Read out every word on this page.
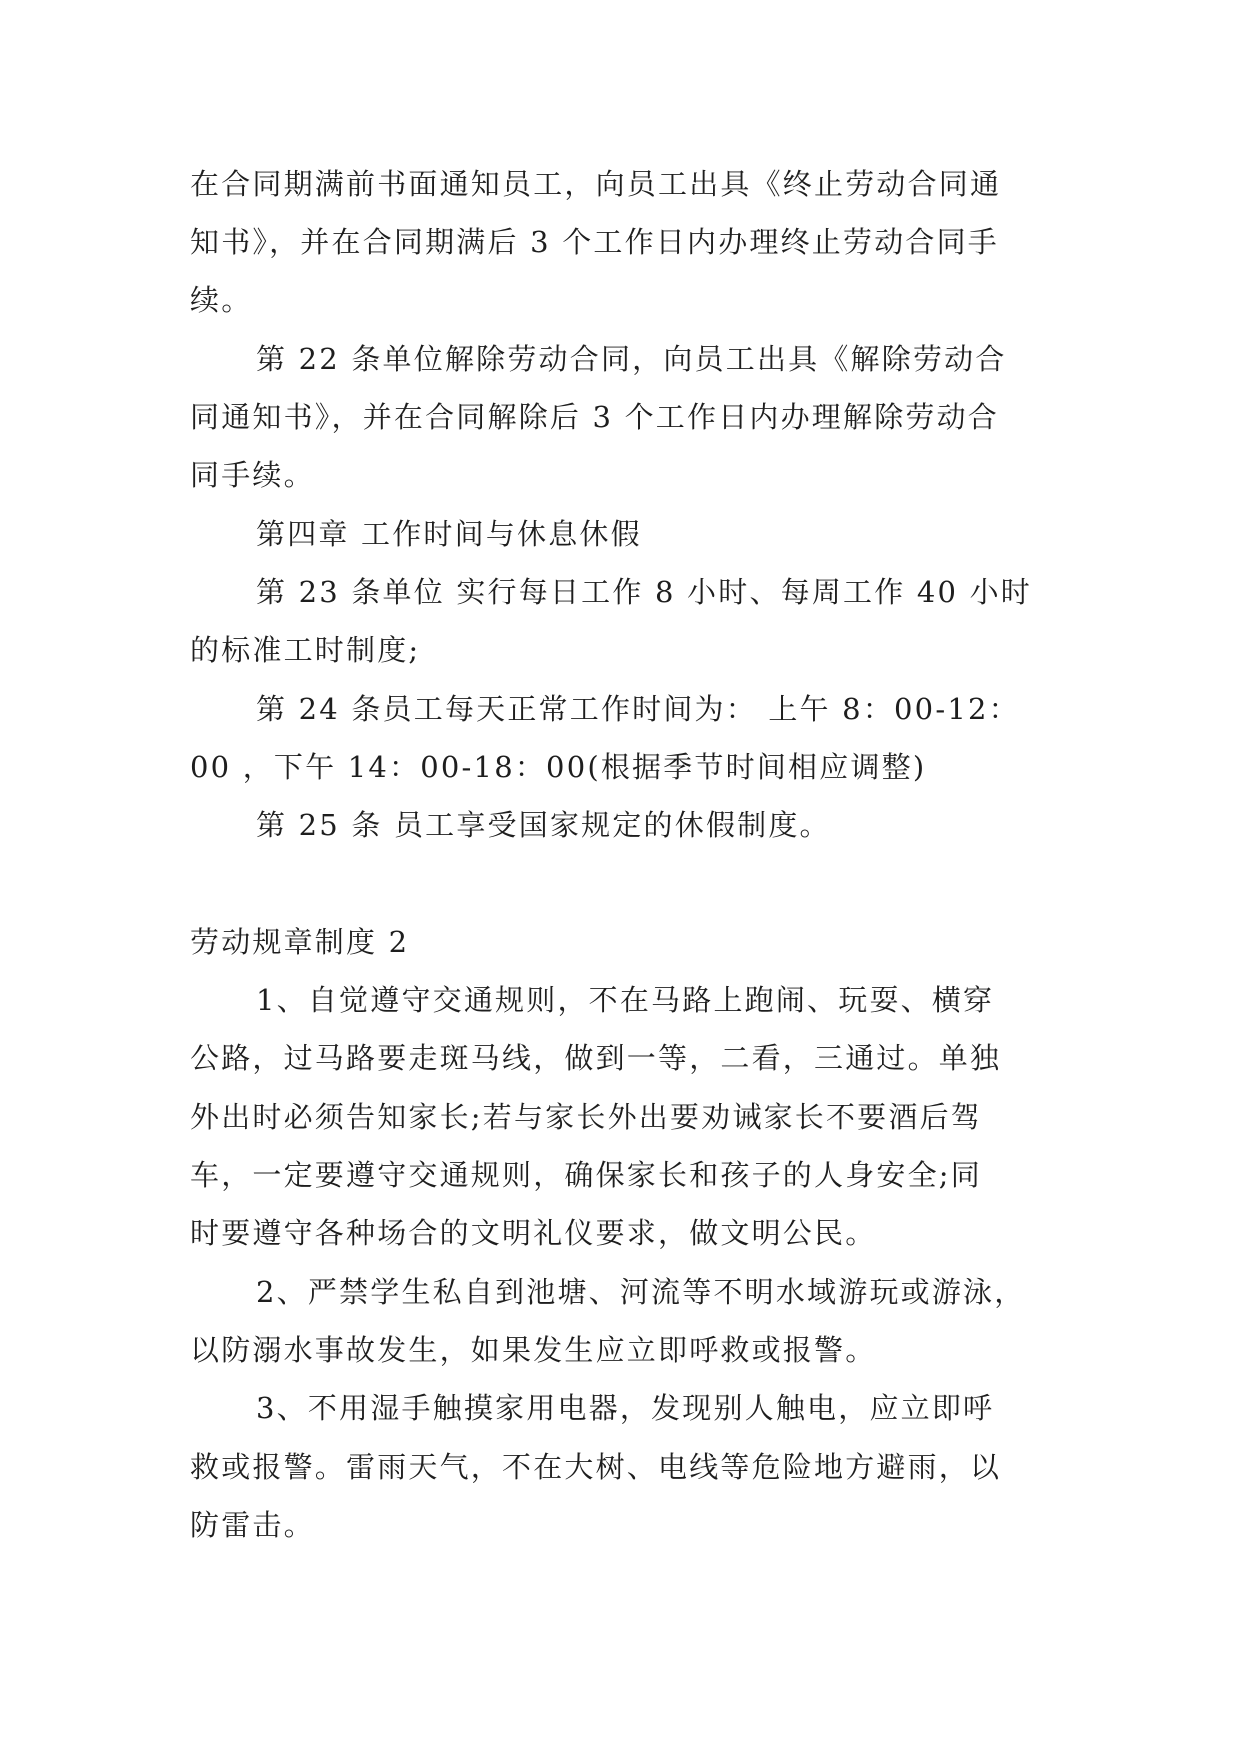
在合同期满前书面通知员工，向员工出具《终止劳动合同通

知书》，并在合同期满后 3 个工作日内办理终止劳动合同手

续。

第 22 条单位解除劳动合同，向员工出具《解除劳动合

同通知书》，并在合同解除后 3 个工作日内办理解除劳动合

同手续。

第四章 工作时间与休息休假

第 23 条单位 实行每日工作 8 小时、每周工作 40 小时

的标准工时制度;

第 24 条员工每天正常工作时间为： 上午 8：00-12：

00 ，下午 14：00-18：00(根据季节时间相应调整)

第 25 条 员工享受国家规定的休假制度。

劳动规章制度 2

1、自觉遵守交通规则，不在马路上跑闹、玩耍、横穿

公路，过马路要走斑马线，做到一等，二看，三通过。单独

外出时必须告知家长;若与家长外出要劝诫家长不要酒后驾

车，一定要遵守交通规则，确保家长和孩子的人身安全;同

时要遵守各种场合的文明礼仪要求，做文明公民。

2、严禁学生私自到池塘、河流等不明水域游玩或游泳，

以防溺水事故发生，如果发生应立即呼救或报警。

3、不用湿手触摸家用电器，发现别人触电，应立即呼

救或报警。雷雨天气，不在大树、电线等危险地方避雨，以

防雷击。
